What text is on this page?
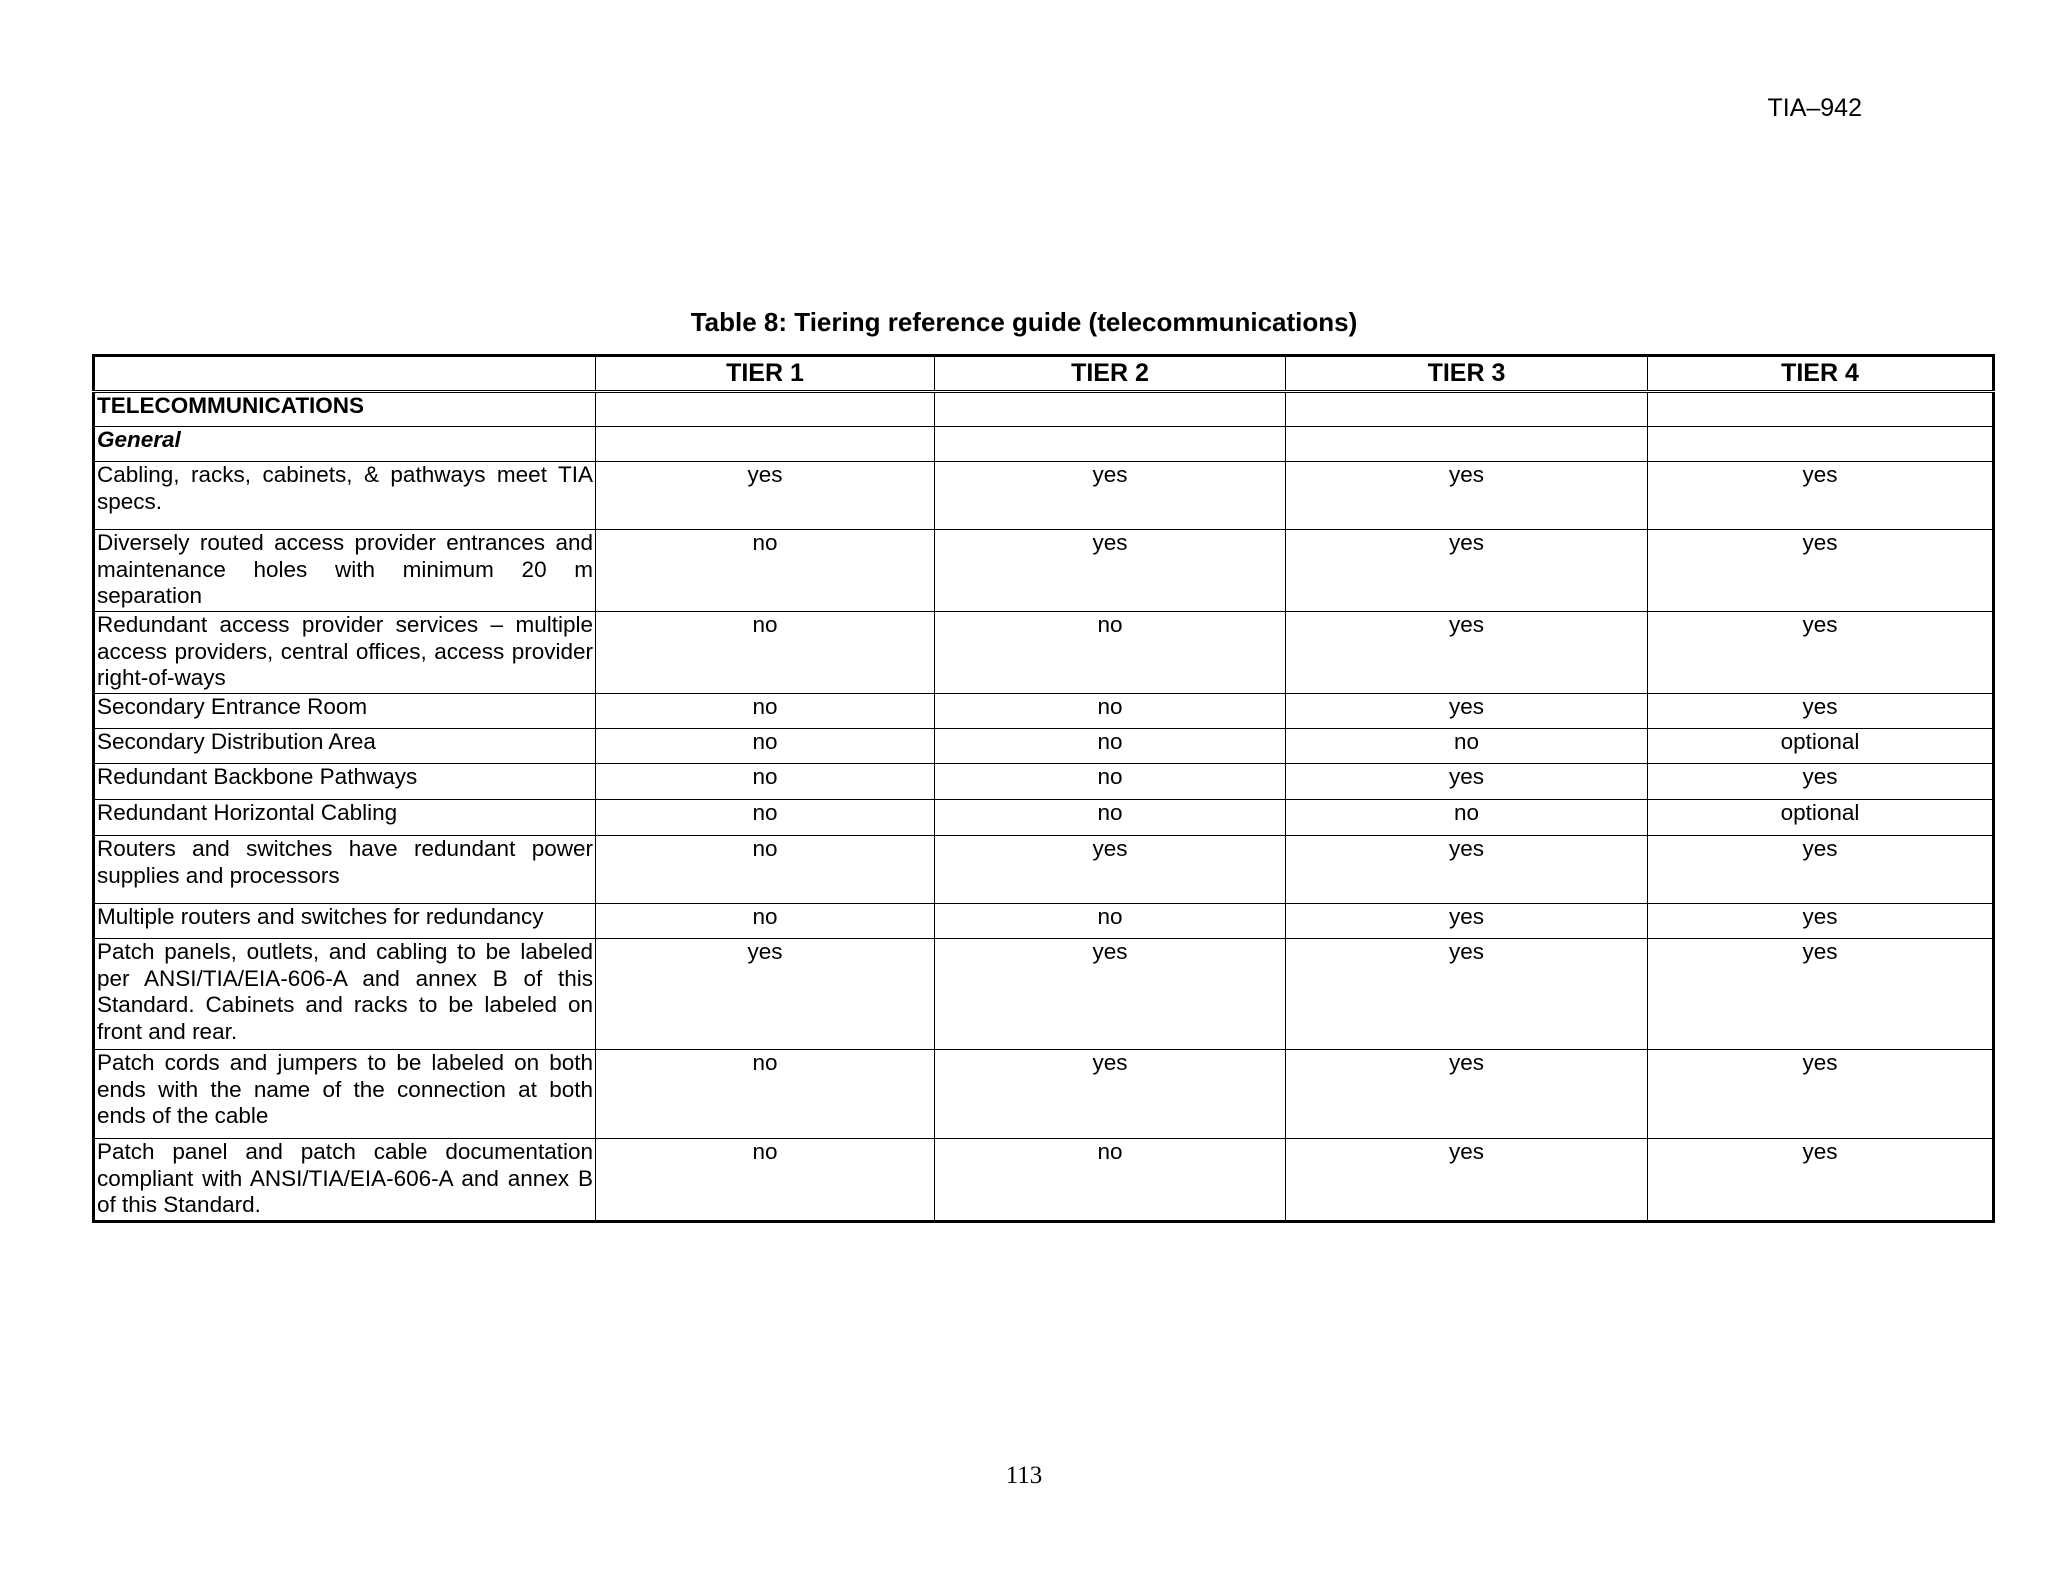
TIA–942
Table 8: Tiering reference guide (telecommunications)
	TIER 1	TIER 2	TIER 3	TIER 4
TELECOMMUNICATIONS				
General				
Cabling, racks, cabinets, & pathways meet TIA specs.	yes	yes	yes	yes
Diversely routed access provider entrances and maintenance holes with minimum 20 m separation	no	yes	yes	yes
Redundant access provider services – multiple access providers, central offices, access provider right-of-ways	no	no	yes	yes
Secondary Entrance Room	no	no	yes	yes
Secondary Distribution Area	no	no	no	optional
Redundant Backbone Pathways	no	no	yes	yes
Redundant Horizontal Cabling	no	no	no	optional
Routers and switches have redundant power supplies and processors	no	yes	yes	yes
Multiple routers and switches for redundancy	no	no	yes	yes
Patch panels, outlets, and cabling to be labeled per ANSI/TIA/EIA-606-A and annex B of this Standard. Cabinets and racks to be labeled on front and rear.	yes	yes	yes	yes
Patch cords and jumpers to be labeled on both ends with the name of the connection at both ends of the cable	no	yes	yes	yes
Patch panel and patch cable documentation compliant with ANSI/TIA/EIA-606-A and annex B of this Standard.	no	no	yes	yes
113
